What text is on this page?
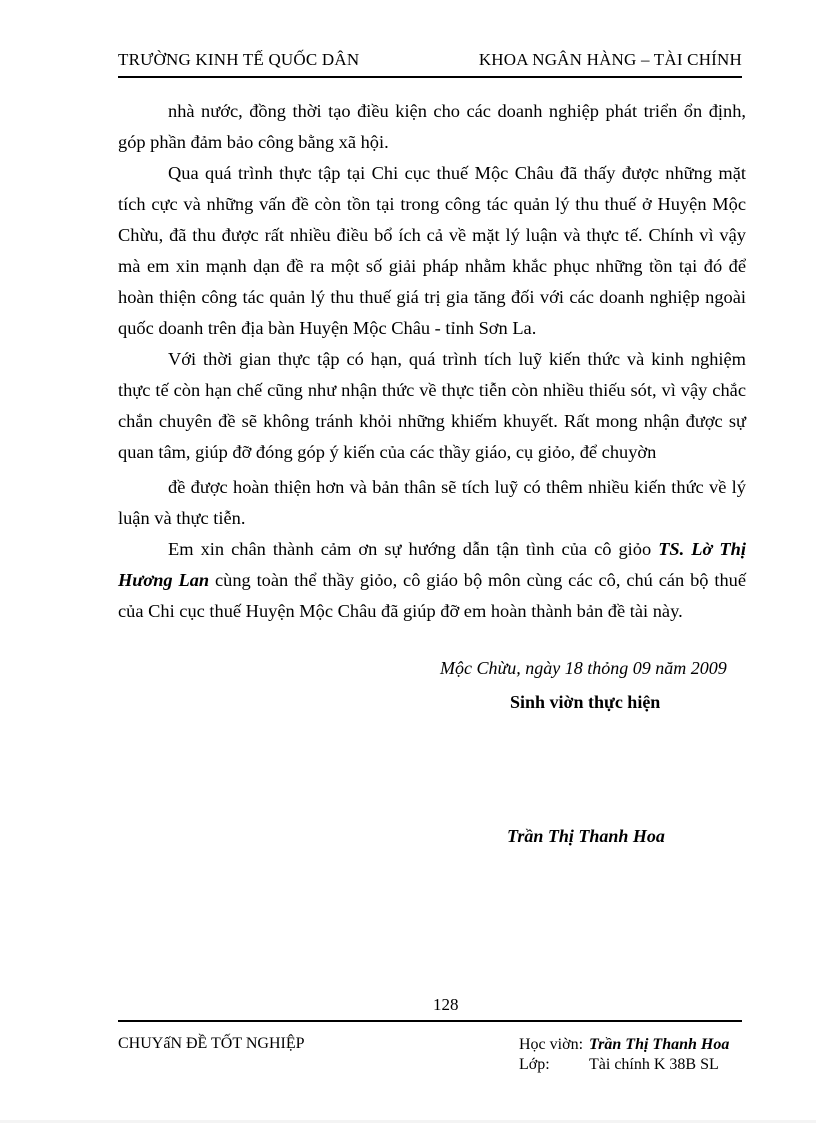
TRƯỜNG KINH TẾ QUỐC DÂN	KHOA NGÂN HÀNG – TÀI CHÍNH

nhà nước, đồng thời tạo điều kiện cho các doanh nghiệp phát triển ổn định, góp phần đảm bảo công bằng xã hội.

Qua quá trình thực tập tại Chi cục thuế Mộc Châu đã thấy được những mặt tích cực và những vấn đề còn tồn tại trong công tác quản lý thu thuế ở Huyện Mộc Chừu, đã thu được rất nhiều điều bổ ích cả về mặt lý luận và thực tế. Chính vì vậy mà em xin mạnh dạn đề ra một số giải pháp nhằm khắc phục những tồn tại đó để hoàn thiện công tác quản lý thu thuế giá trị gia tăng đối với các doanh nghiệp ngoài quốc doanh trên địa bàn Huyện Mộc Châu - tỉnh Sơn La.

Với thời gian thực tập có hạn, quá trình tích luỹ kiến thức và kinh nghiệm thực tế còn hạn chế cũng như nhận thức về thực tiễn còn nhiều thiếu sót, vì vậy chắc chắn chuyên đề sẽ không tránh khỏi những khiếm khuyết. Rất mong nhận được sự quan tâm, giúp đỡ đóng góp ý kiến của các thầy giáo, cụ giỏo, để chuyờn

đề được hoàn thiện hơn và bản thân sẽ tích luỹ có thêm nhiều kiến thức về lý luận và thực tiễn.

Em xin chân thành cảm ơn sự hướng dẫn tận tình của cô giỏo TS. Lờ Thị Hương Lan cùng toàn thể thầy giỏo, cô giáo bộ môn cùng các cô, chú cán bộ thuế của Chi cục thuế Huyện Mộc Châu đã giúp đỡ em hoàn thành bản đề tài này.

Mộc Chừu, ngày 18 thỏng 09 năm 2009
Sinh viờn thực hiện
Trần Thị Thanh Hoa
128
CHUYấN ĐỀ TỐT NGHIỆP	Học viờn: Trần Thị Thanh Hoa
Lớp: Tài chính K 38B SL
